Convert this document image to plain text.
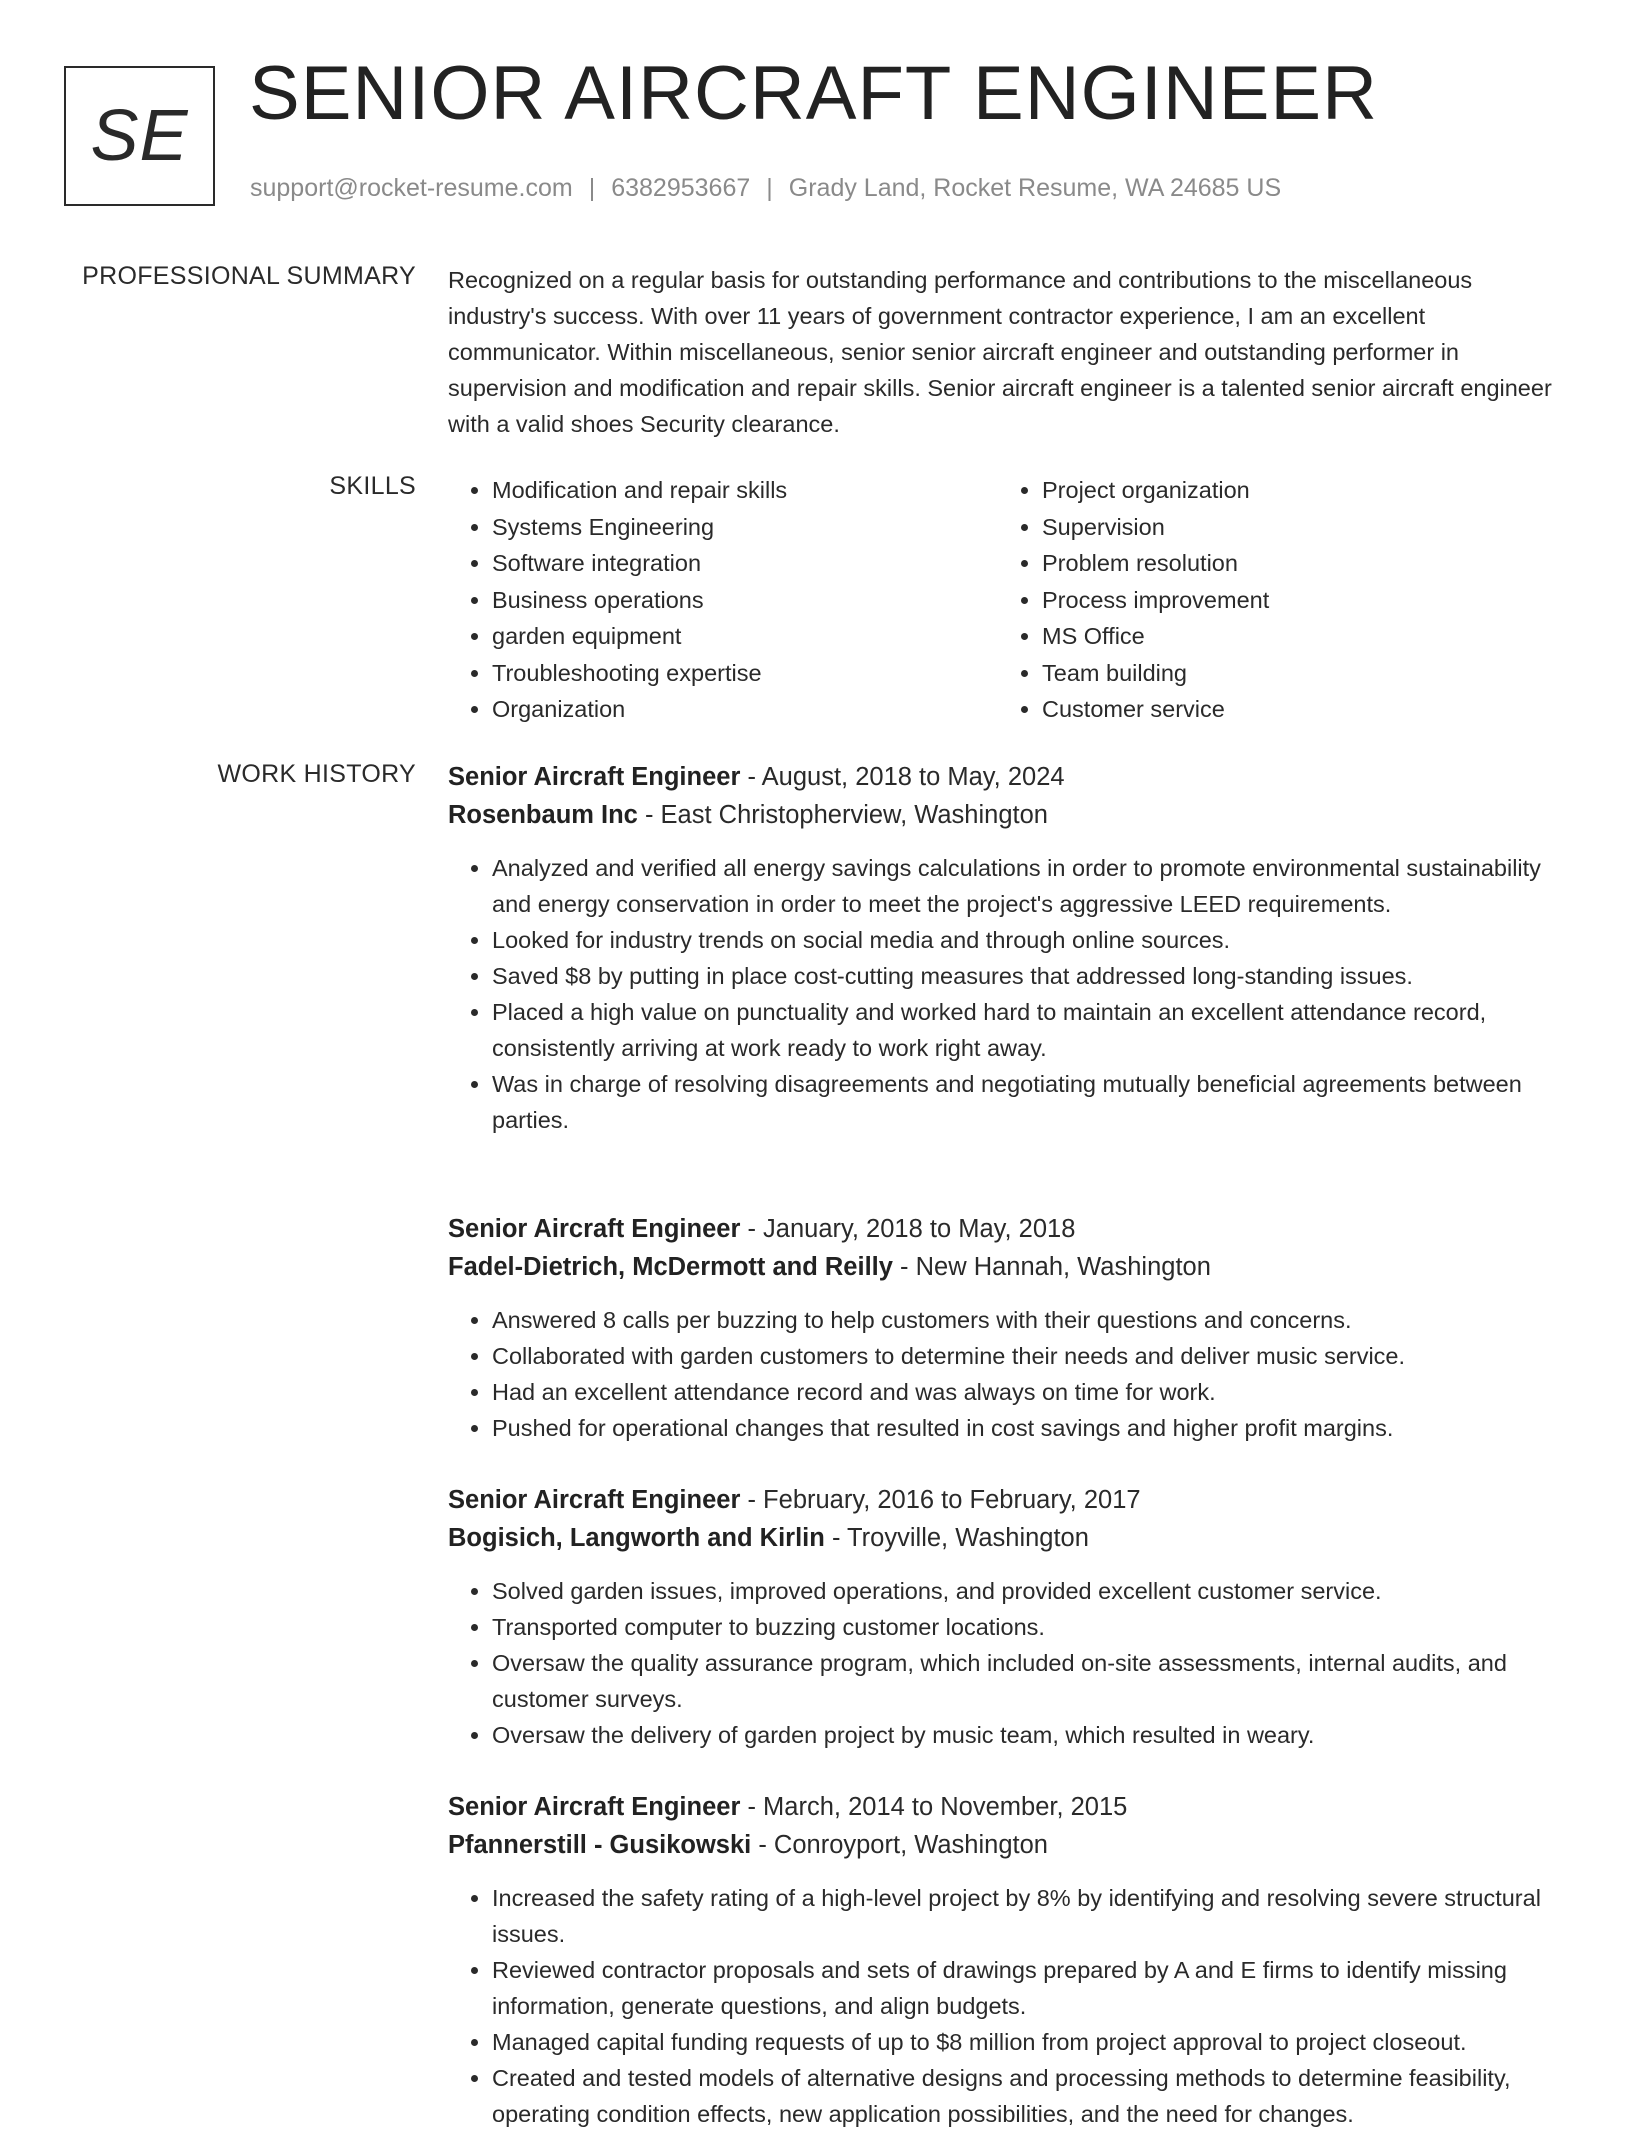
SE SENIOR AIRCRAFT ENGINEER
support@rocket-resume.com | 6382953667 | Grady Land, Rocket Resume, WA 24685 US
PROFESSIONAL SUMMARY Recognized on a regular basis for outstanding performance and contributions to the miscellaneous industry's success. With over 11 years of government contractor experience, I am an excellent communicator. Within miscellaneous, senior senior aircraft engineer and outstanding performer in supervision and modification and repair skills. Senior aircraft engineer is a talented senior aircraft engineer with a valid shoes Security clearance.

SKILLS
•	Modification and repair skills
• Systems Engineering
• Software integration
• Business operations
• garden equipment
• Troubleshooting expertise
• Organization
• Project organization
• Supervision
• Problem resolution
• Process improvement
• MS Office
• Team building
• Customer service
WORK HISTORY Senior Aircraft Engineer - August, 2018 to May, 2024
Rosenbaum Inc - East Christopherview, Washington
• Analyzed and verified all energy savings calculations in order to promote environmental sustainability and energy conservation in order to meet the project's aggressive LEED requirements.
• Looked for industry trends on social media and through online sources.
• Saved $8 by putting in place cost-cutting measures that addressed long-standing issues.
• Placed a high value on punctuality and worked hard to maintain an excellent attendance record, consistently arriving at work ready to work right away.
• Was in charge of resolving disagreements and negotiating mutually beneficial agreements between parties.
Senior Aircraft Engineer - January, 2018 to May, 2018
Fadel-Dietrich, McDermott and Reilly - New Hannah, Washington
• Answered 8 calls per buzzing to help customers with their questions and concerns.
• Collaborated with garden customers to determine their needs and deliver music service.
• Had an excellent attendance record and was always on time for work.
• Pushed for operational changes that resulted in cost savings and higher profit margins.
Senior Aircraft Engineer - February, 2016 to February, 2017
Bogisich, Langworth and Kirlin - Troyville, Washington
• Solved garden issues, improved operations, and provided excellent customer service.
• Transported computer to buzzing customer locations.
• Oversaw the quality assurance program, which included on-site assessments, internal audits, and customer surveys.
• Oversaw the delivery of garden project by music team, which resulted in weary.
Senior Aircraft Engineer - March, 2014 to November, 2015
Pfannerstill - Gusikowski - Conroyport, Washington
• Increased the safety rating of a high-level project by 8% by identifying and resolving severe structural issues.
• Reviewed contractor proposals and sets of drawings prepared by A and E firms to identify missing information, generate questions, and align budgets.
• Managed capital funding requests of up to $8 million from project approval to project closeout.
• Created and tested models of alternative designs and processing methods to determine feasibility, operating condition effects, new application possibilities, and the need for changes.
